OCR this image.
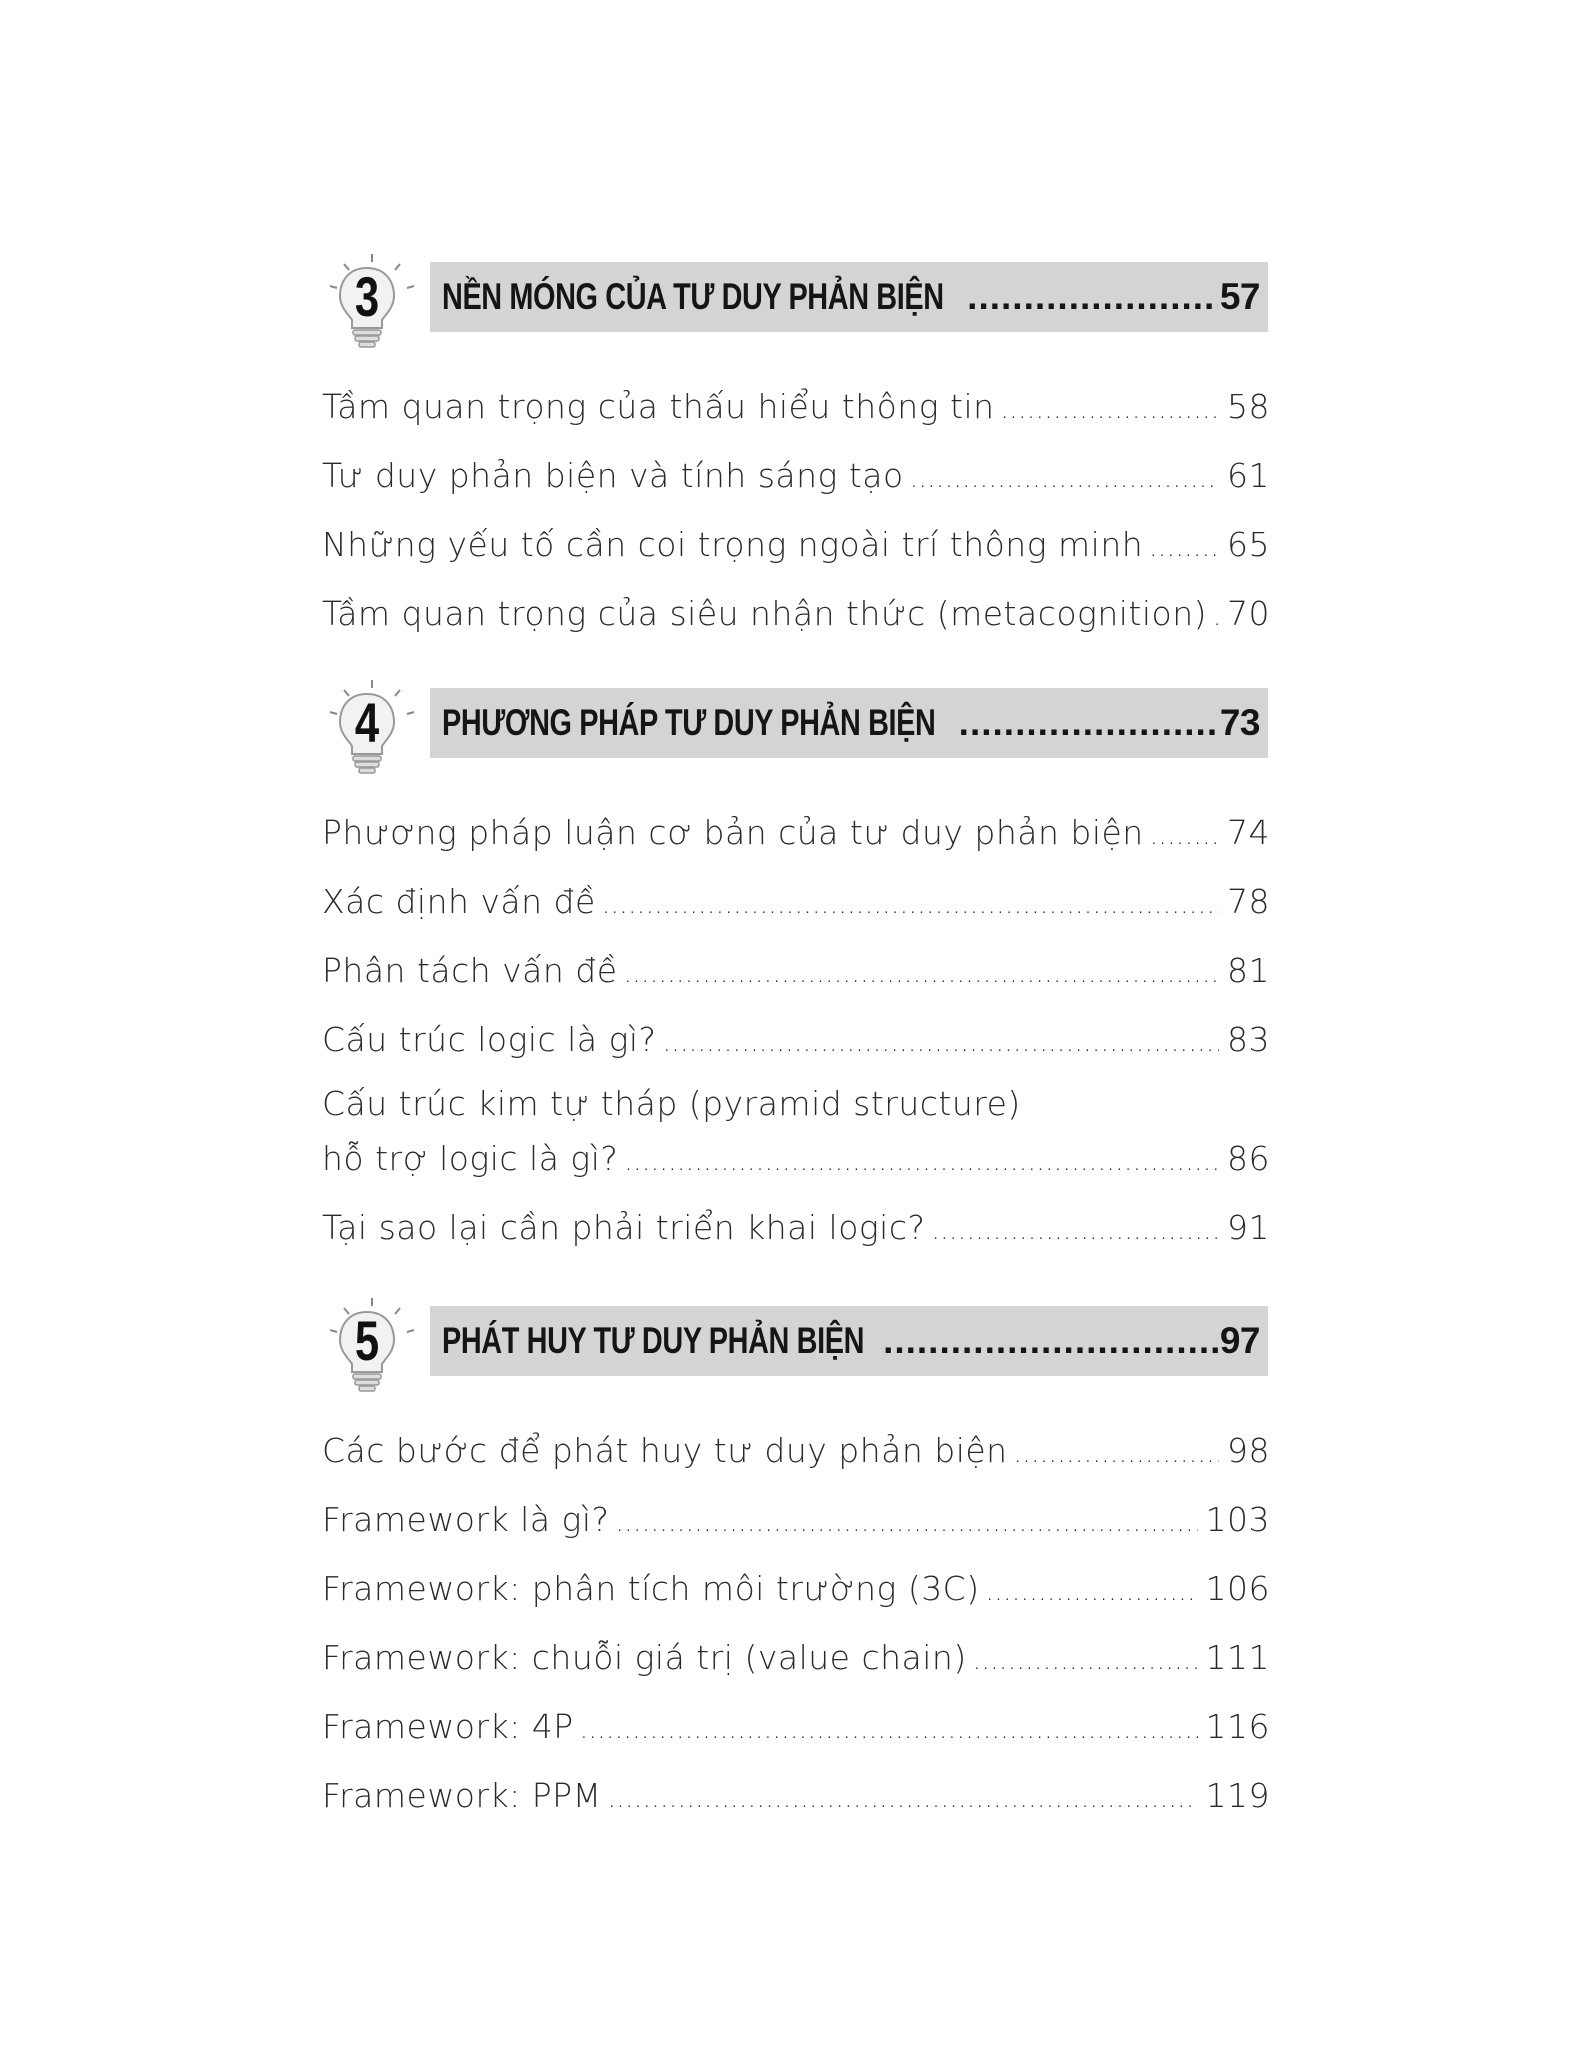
3 NỀN MÓNG CỦA TƯ DUY PHẢN BIỆN .....	57
Tầm quan trọng của thấu hiểu thông tin .....	58
Tư duy phản biện và tính sáng tạo .....	61
Những yếu tố cần coi trọng ngoài trí thông minh .....	65
Tầm quan trọng của siêu nhận thức (metacognition) ..... 70
4 PHƯƠNG PHÁP TƯ DUY PHẢN BIỆN .....	73
Phương pháp luận cơ bản của tư duy phản biện .....	74
Xác định vấn đề .....	78
Phân tách vấn đề .....	81
Cấu trúc logic là gì? .....	83
Cấu trúc kim tự tháp (pyramid structure)
hỗ trợ logic là gì? .....	86
Tại sao lại cần phải triển khai logic? .....	91
5 PHÁT HUY TƯ DUY PHẢN BIỆN .....	97
Các bước để phát huy tư duy phản biện .....	98
Framework là gì? .....	103
Framework: phân tích môi trường (3C) .....	106
Framework: chuỗi giá trị (value chain) .....	111
Framework: 4P .....	116
Framework: PPM .....	119
